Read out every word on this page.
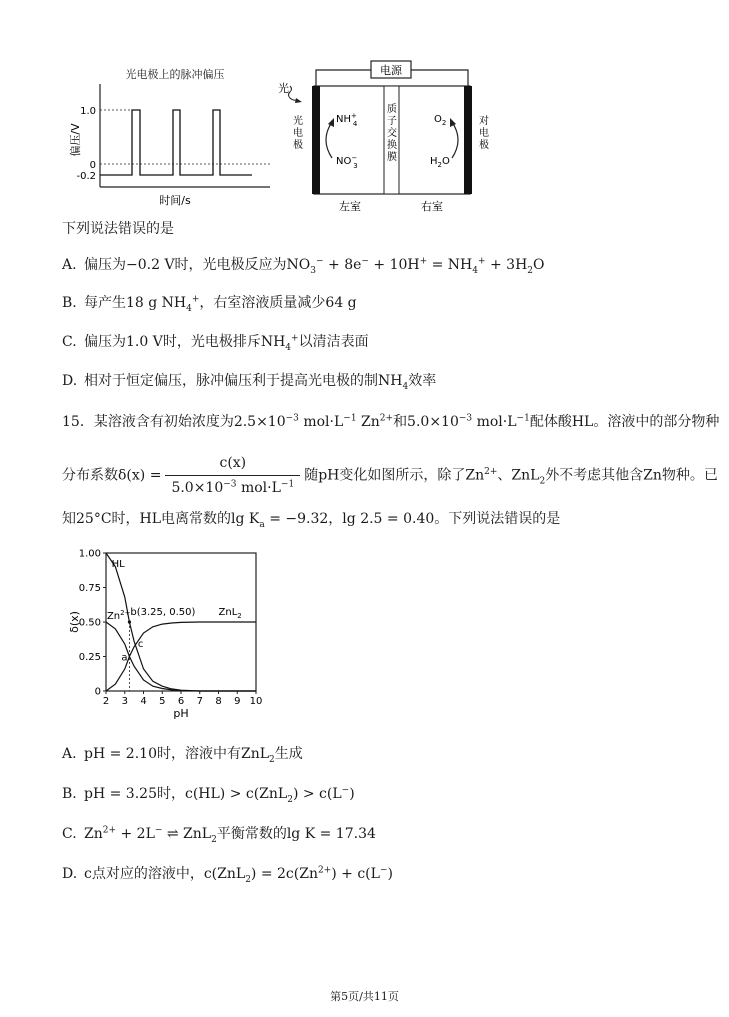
光电极上的脉冲偏压
1.0
0
-0.2
偏压/V
时间/s
电源
质
子
交
换
膜
光
光
电
极
对
电
极
NH+ 4
NO− 3
$O_2$
$H_2O$
左室	右室
下列说法错误的是
A. 偏压为−0.2 V时，光电极反应为$NO_3^- + 8e^- + 10H^+ = NH_4^+ + 3H_2O$
B. 每产生18 g $NH_4^+$，右室溶液质量减少64 g
C. 偏压为1.0 V时，光电极排斥$NH_4^+$以清洁表面
D. 相对于恒定偏压，脉冲偏压利于提高光电极的制$NH_4$效率
15．某溶液含有初始浓度为$2.5\times 10^{-3}$ $mol\cdot L^{-1}$ $Zn^{2+}$和$5.0\times 10^{-3}$ $mol\cdot L^{-1}$配体酸HL。溶液中的部分物种
分布系数$\delta(x) = \frac{c(x)}{5.0\times 10^{-3} mol\cdot L^{-1}}$ 随pH变化如图所示，除了$Zn^{2+}$、ZnL$_2$外不考虑其他含Zn物种。已
知25°C时，HL电离常数的$\lg K_a = -9.32$，lg 2.5 = 0.40。下列说法错误的是
2 3 4 5 6 7 8 9 10
0
0.25
0.50
0.75
1.00
pH
δ(x)
HL
$Zn^{2+}$	ZnL$_2$
b(3.25, 0.50)
a
c
A. pH = 2.10时，溶液中有ZnL$_2$生成
B. pH = 3.25时，c(HL) > c(ZnL$_2$) > c(L−)
C. $Zn^{2+} + 2L^-$ ⇌ ZnL$_2$平衡常数的lg K = 17.34
D. c点对应的溶液中，$c(ZnL_2) = 2c(Zn^{2+}) + c(L^-)$
第5页/共11页
